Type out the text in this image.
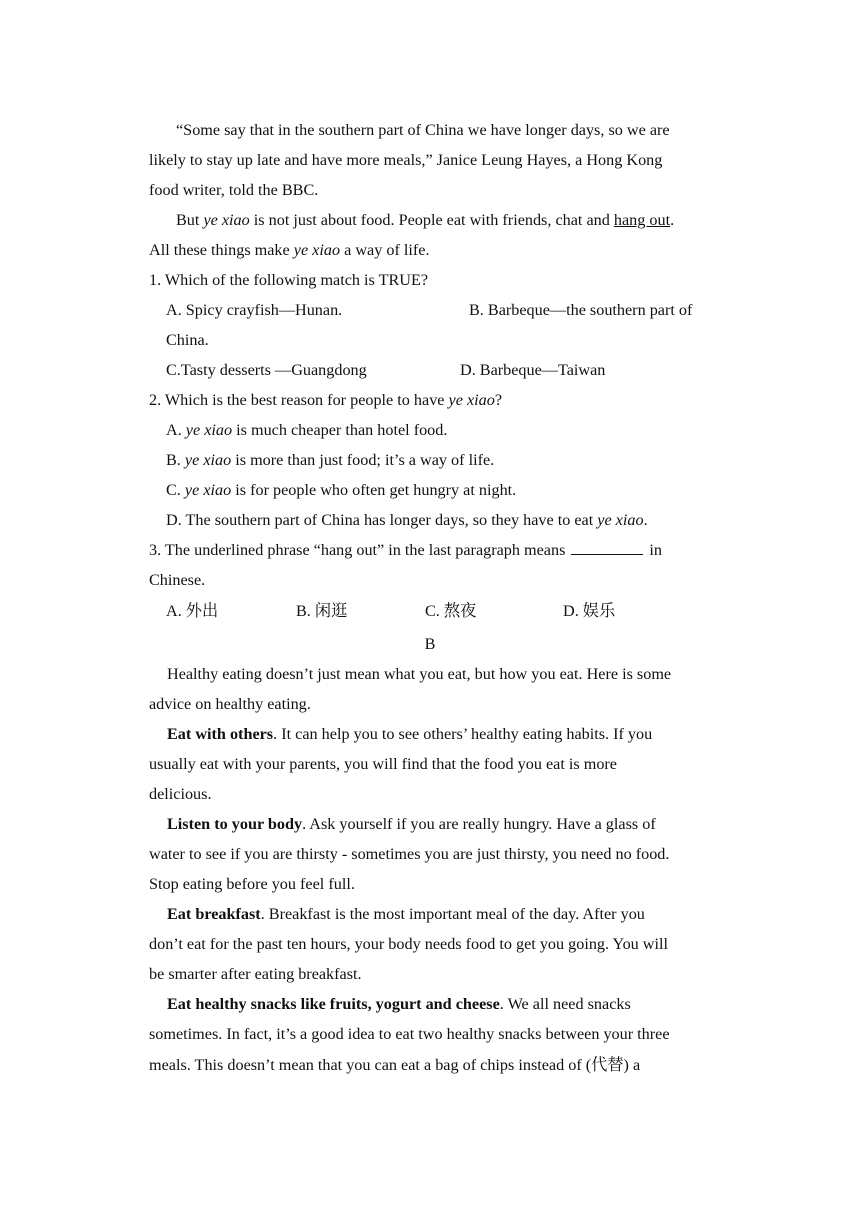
“Some say that in the southern part of China we have longer days, so we are
likely to stay up late and have more meals,” Janice Leung Hayes, a Hong Kong
food writer, told the BBC.
But ye xiao is not just about food. People eat with friends, chat and hang out.
All these things make ye xiao a way of life.
1. Which of the following match is TRUE?
A. Spicy crayfish—Hunan.	B. Barbeque—the southern part of
China.
C.Tasty desserts —Guangdong	D. Barbeque—Taiwan
2. Which is the best reason for people to have ye xiao?
A. ye xiao is much cheaper than hotel food.
B. ye xiao is more than just food; it’s a way of life.
C. ye xiao is for people who often get hungry at night.
D. The southern part of China has longer days, so they have to eat ye xiao.
3. The underlined phrase “hang out” in the last paragraph means	in
Chinese.
A. 外出	B. 闲逛	C. 熬夜	D. 娱乐
B
Healthy eating doesn’t just mean what you eat, but how you eat. Here is some
advice on healthy eating.
Eat with others. It can help you to see others’ healthy eating habits. If you
usually eat with your parents, you will find that the food you eat is more
delicious.
Listen to your body. Ask yourself if you are really hungry. Have a glass of
water to see if you are thirsty - sometimes you are just thirsty, you need no food.
Stop eating before you feel full.
Eat breakfast. Breakfast is the most important meal of the day. After you
don’t eat for the past ten hours, your body needs food to get you going. You will
be smarter after eating breakfast.
Eat healthy snacks like fruits, yogurt and cheese. We all need snacks
sometimes. In fact, it’s a good idea to eat two healthy snacks between your three
meals. This doesn’t mean that you can eat a bag of chips instead of (代替) a
